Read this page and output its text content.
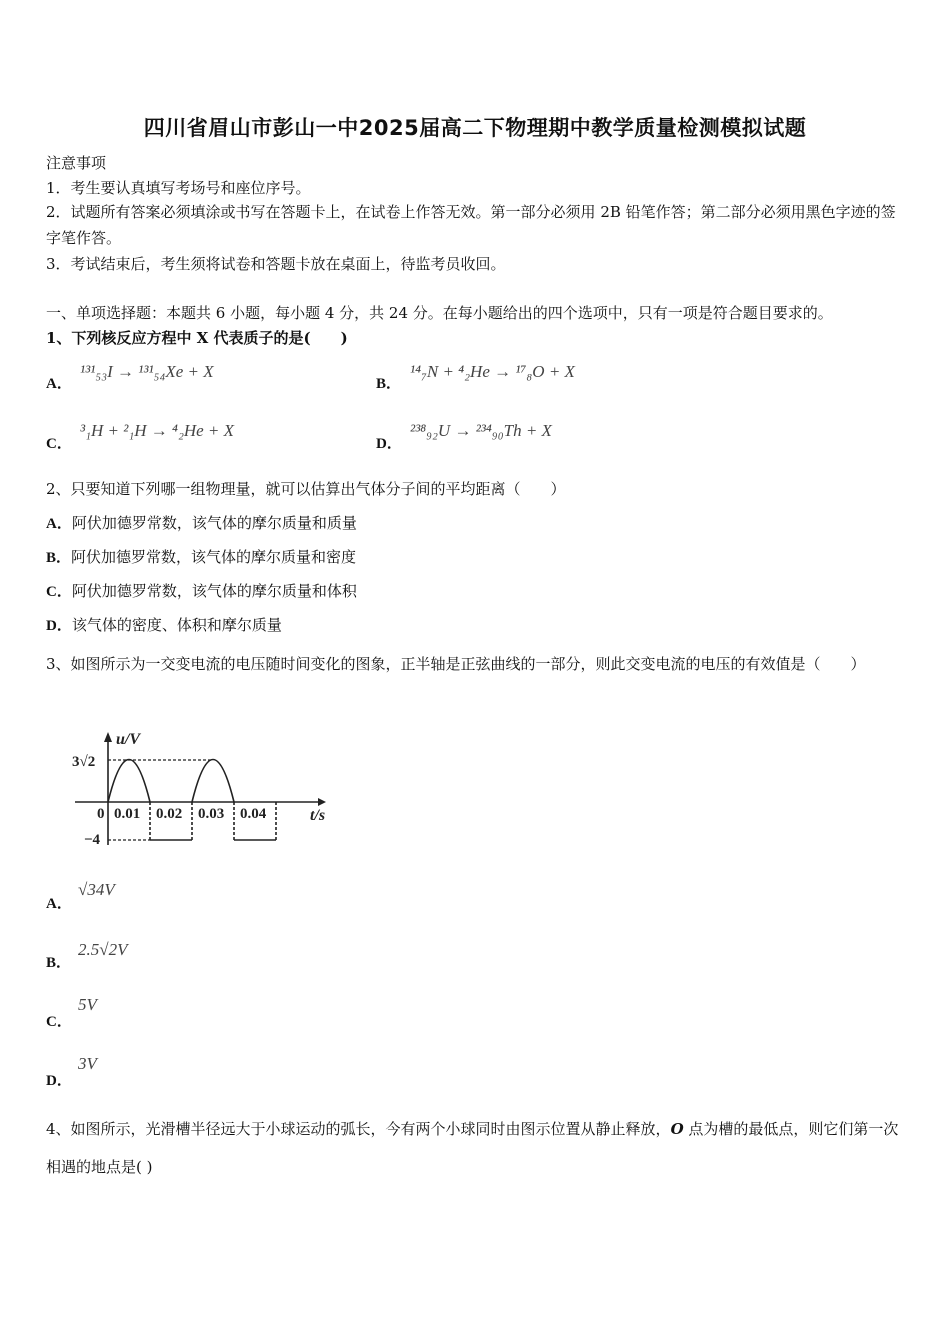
四川省眉山市彭山一中2025届高二下物理期中教学质量检测模拟试题
注意事项
1．考生要认真填写考场号和座位序号。
2．试题所有答案必须填涂或书写在答题卡上，在试卷上作答无效。第一部分必须用 2B 铅笔作答；第二部分必须用黑色字迹的签字笔作答。
3．考试结束后，考生须将试卷和答题卡放在桌面上，待监考员收回。
一、单项选择题：本题共 6 小题，每小题 4 分，共 24 分。在每小题给出的四个选项中，只有一项是符合题目要求的。
1、下列核反应方程中 X 代表质子的是(　　)
A．
¹³¹₅₃I → ¹³¹₅₄Xe + X
B．
¹⁴₇N + ⁴₂He → ¹⁷₈O + X
C．
³₁H + ²₁H → ⁴₂He + X
D．
²³⁸₉₂U → ²³⁴₉₀Th + X
2、只要知道下列哪一组物理量，就可以估算出气体分子间的平均距离（　　）
A．阿伏加德罗常数，该气体的摩尔质量和质量
B．阿伏加德罗常数，该气体的摩尔质量和密度
C．阿伏加德罗常数，该气体的摩尔质量和体积
D．该气体的密度、体积和摩尔质量
3、如图所示为一交变电流的电压随时间变化的图象，正半轴是正弦曲线的一部分，则此交变电流的电压的有效值是（　　）
u/V
t/s
3√2
−4
0 0.01 0.02 0.03 0.04
A．
√34V
B．
2.5√2V
C．
5V
D．
3V
4、如图所示，光滑槽半径远大于小球运动的弧长，今有两个小球同时由图示位置从静止释放，O 点为槽的最低点，则它们第一次相遇的地点是( )
